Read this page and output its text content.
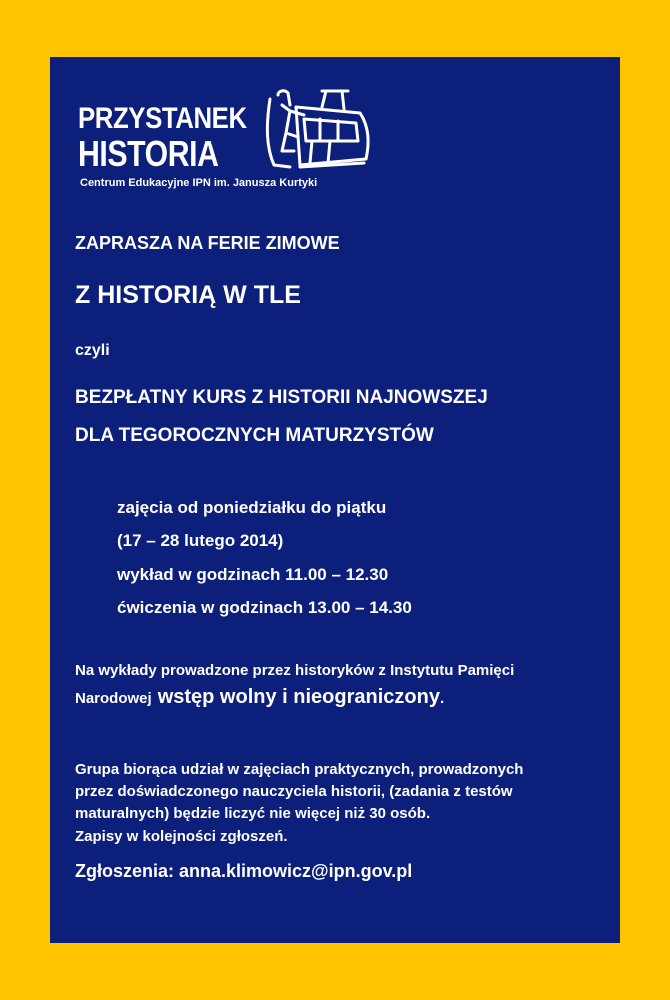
PRZYSTANEK
HISTORIA
Centrum Edukacyjne IPN im. Janusza Kurtyki

ZAPRASZA NA FERIE ZIMOWE

Z HISTORIĄ W TLE

czyli

BEZPŁATNY KURS Z HISTORII NAJNOWSZEJ

DLA TEGOROCZNYCH MATURZYSTÓW

zajęcia od poniedziałku do piątku

(17 – 28 lutego 2014)

wykład w godzinach 11.00 – 12.30

ćwiczenia w godzinach 13.00 – 14.30

Na wykłady prowadzone przez historyków z Instytutu Pamięci

Narodowej wstęp wolny i nieograniczony.

Grupa biorąca udział w zajęciach praktycznych, prowadzonych

przez doświadczonego nauczyciela historii, (zadania z testów

maturalnych) będzie liczyć nie więcej niż 30 osób.

Zapisy w kolejności zgłoszeń.

Zgłoszenia: anna.klimowicz@ipn.gov.pl
